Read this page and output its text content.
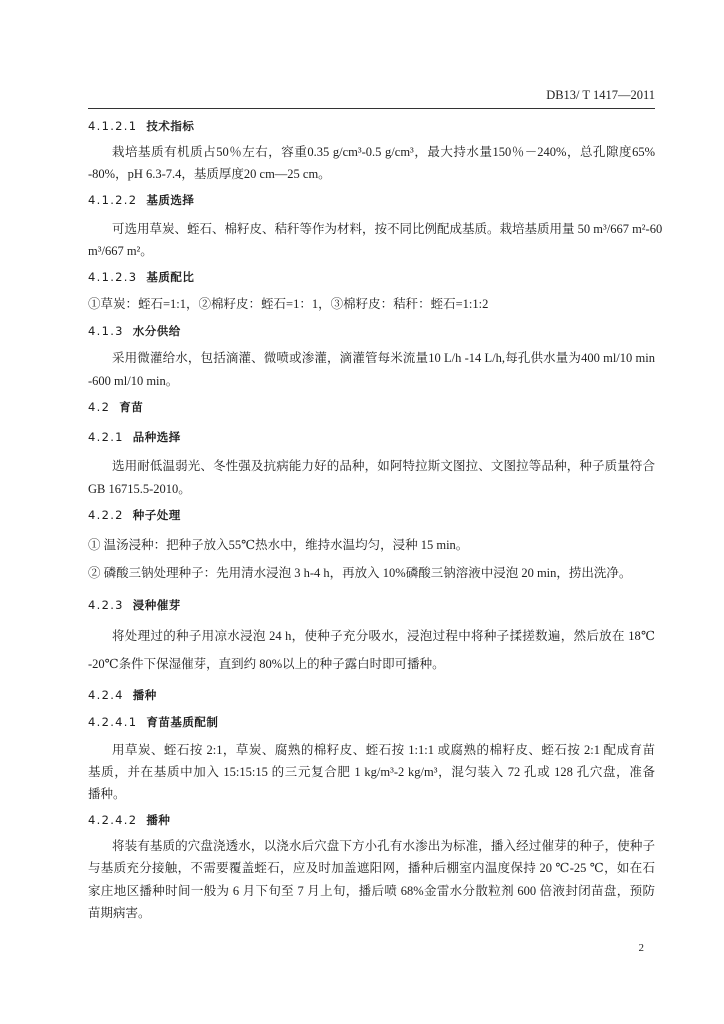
DB13/ T 1417—2011
4.1.2.1 技术指标
栽培基质有机质占50％左右，容重0.35 g/cm³-0.5 g/cm³，最大持水量150％－240%，总孔隙度65%
-80%，pH 6.3-7.4，基质厚度20 cm—25 cm。
4.1.2.2 基质选择
可选用草炭、蛭石、棉籽皮、秸秆等作为材料，按不同比例配成基质。栽培基质用量 50 m³/667 m²-60
m³/667 m²。
4.1.2.3 基质配比
①草炭：蛭石=1:1，②棉籽皮：蛭石=1：1，③棉籽皮：秸秆：蛭石=1:1:2
4.1.3 水分供给
采用微灌给水，包括滴灌、微喷或渗灌，滴灌管每米流量10 L/h -14 L/h,每孔供水量为400 ml/10 min
-600 ml/10 min。
4.2 育苗
4.2.1 品种选择
选用耐低温弱光、冬性强及抗病能力好的品种，如阿特拉斯文图拉、文图拉等品种，种子质量符合
GB 16715.5-2010。
4.2.2 种子处理
① 温汤浸种：把种子放入55℃热水中，维持水温均匀，浸种 15 min。
② 磷酸三钠处理种子：先用清水浸泡 3 h-4 h，再放入 10%磷酸三钠溶液中浸泡 20 min，捞出洗净。
4.2.3 浸种催芽
将处理过的种子用凉水浸泡 24 h，使种子充分吸水，浸泡过程中将种子揉搓数遍，然后放在 18℃
-20℃条件下保湿催芽，直到约 80%以上的种子露白时即可播种。
4.2.4 播种
4.2.4.1 育苗基质配制
用草炭、蛭石按 2:1，草炭、腐熟的棉籽皮、蛭石按 1:1:1 或腐熟的棉籽皮、蛭石按 2:1 配成育苗
基质，并在基质中加入 15:15:15 的三元复合肥 1 kg/m³-2 kg/m³，混匀装入 72 孔或 128 孔穴盘，准备
播种。
4.2.4.2 播种
将装有基质的穴盘浇透水，以浇水后穴盘下方小孔有水渗出为标准，播入经过催芽的种子，使种子
与基质充分接触，不需要覆盖蛭石，应及时加盖遮阳网，播种后棚室内温度保持 20 ℃-25 ℃，如在石
家庄地区播种时间一般为 6 月下旬至 7 月上旬，播后喷 68%金雷水分散粒剂 600 倍液封闭苗盘，预防
苗期病害。
2
